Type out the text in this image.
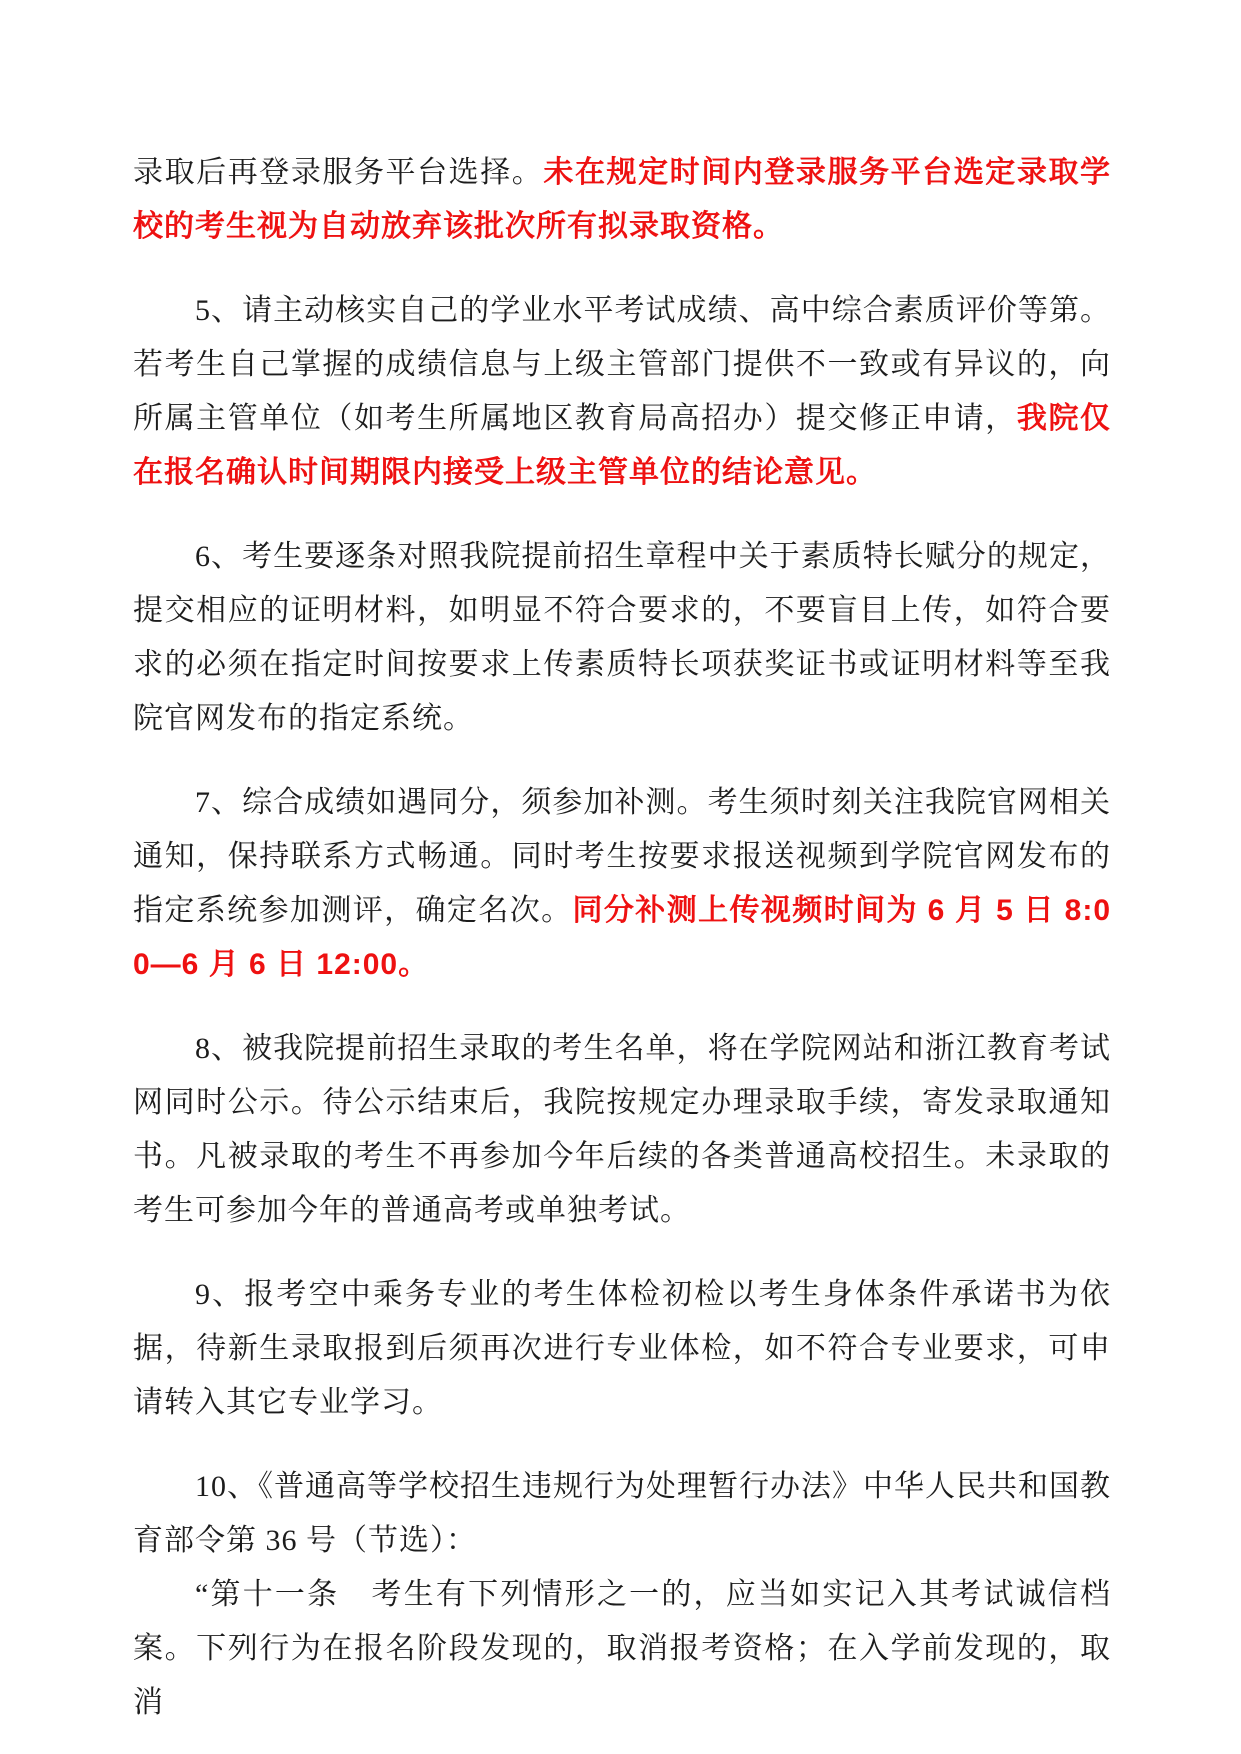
录取后再登录服务平台选择。未在规定时间内登录服务平台选定录取学校的考生视为自动放弃该批次所有拟录取资格。
5、请主动核实自己的学业水平考试成绩、高中综合素质评价等第。若考生自己掌握的成绩信息与上级主管部门提供不一致或有异议的，向所属主管单位（如考生所属地区教育局高招办）提交修正申请，我院仅在报名确认时间期限内接受上级主管单位的结论意见。
6、考生要逐条对照我院提前招生章程中关于素质特长赋分的规定，提交相应的证明材料，如明显不符合要求的，不要盲目上传，如符合要求的必须在指定时间按要求上传素质特长项获奖证书或证明材料等至我院官网发布的指定系统。
7、综合成绩如遇同分，须参加补测。考生须时刻关注我院官网相关通知，保持联系方式畅通。同时考生按要求报送视频到学院官网发布的指定系统参加测评，确定名次。同分补测上传视频时间为 6 月 5 日 8:00—6 月 6 日 12:00。
8、被我院提前招生录取的考生名单，将在学院网站和浙江教育考试网同时公示。待公示结束后，我院按规定办理录取手续，寄发录取通知书。凡被录取的考生不再参加今年后续的各类普通高校招生。未录取的考生可参加今年的普通高考或单独考试。
9、报考空中乘务专业的考生体检初检以考生身体条件承诺书为依据，待新生录取报到后须再次进行专业体检，如不符合专业要求，可申请转入其它专业学习。
10、《普通高等学校招生违规行为处理暂行办法》中华人民共和国教育部令第 36 号（节选）：
“第十一条　考生有下列情形之一的，应当如实记入其考试诚信档案。下列行为在报名阶段发现的，取消报考资格；在入学前发现的，取消
